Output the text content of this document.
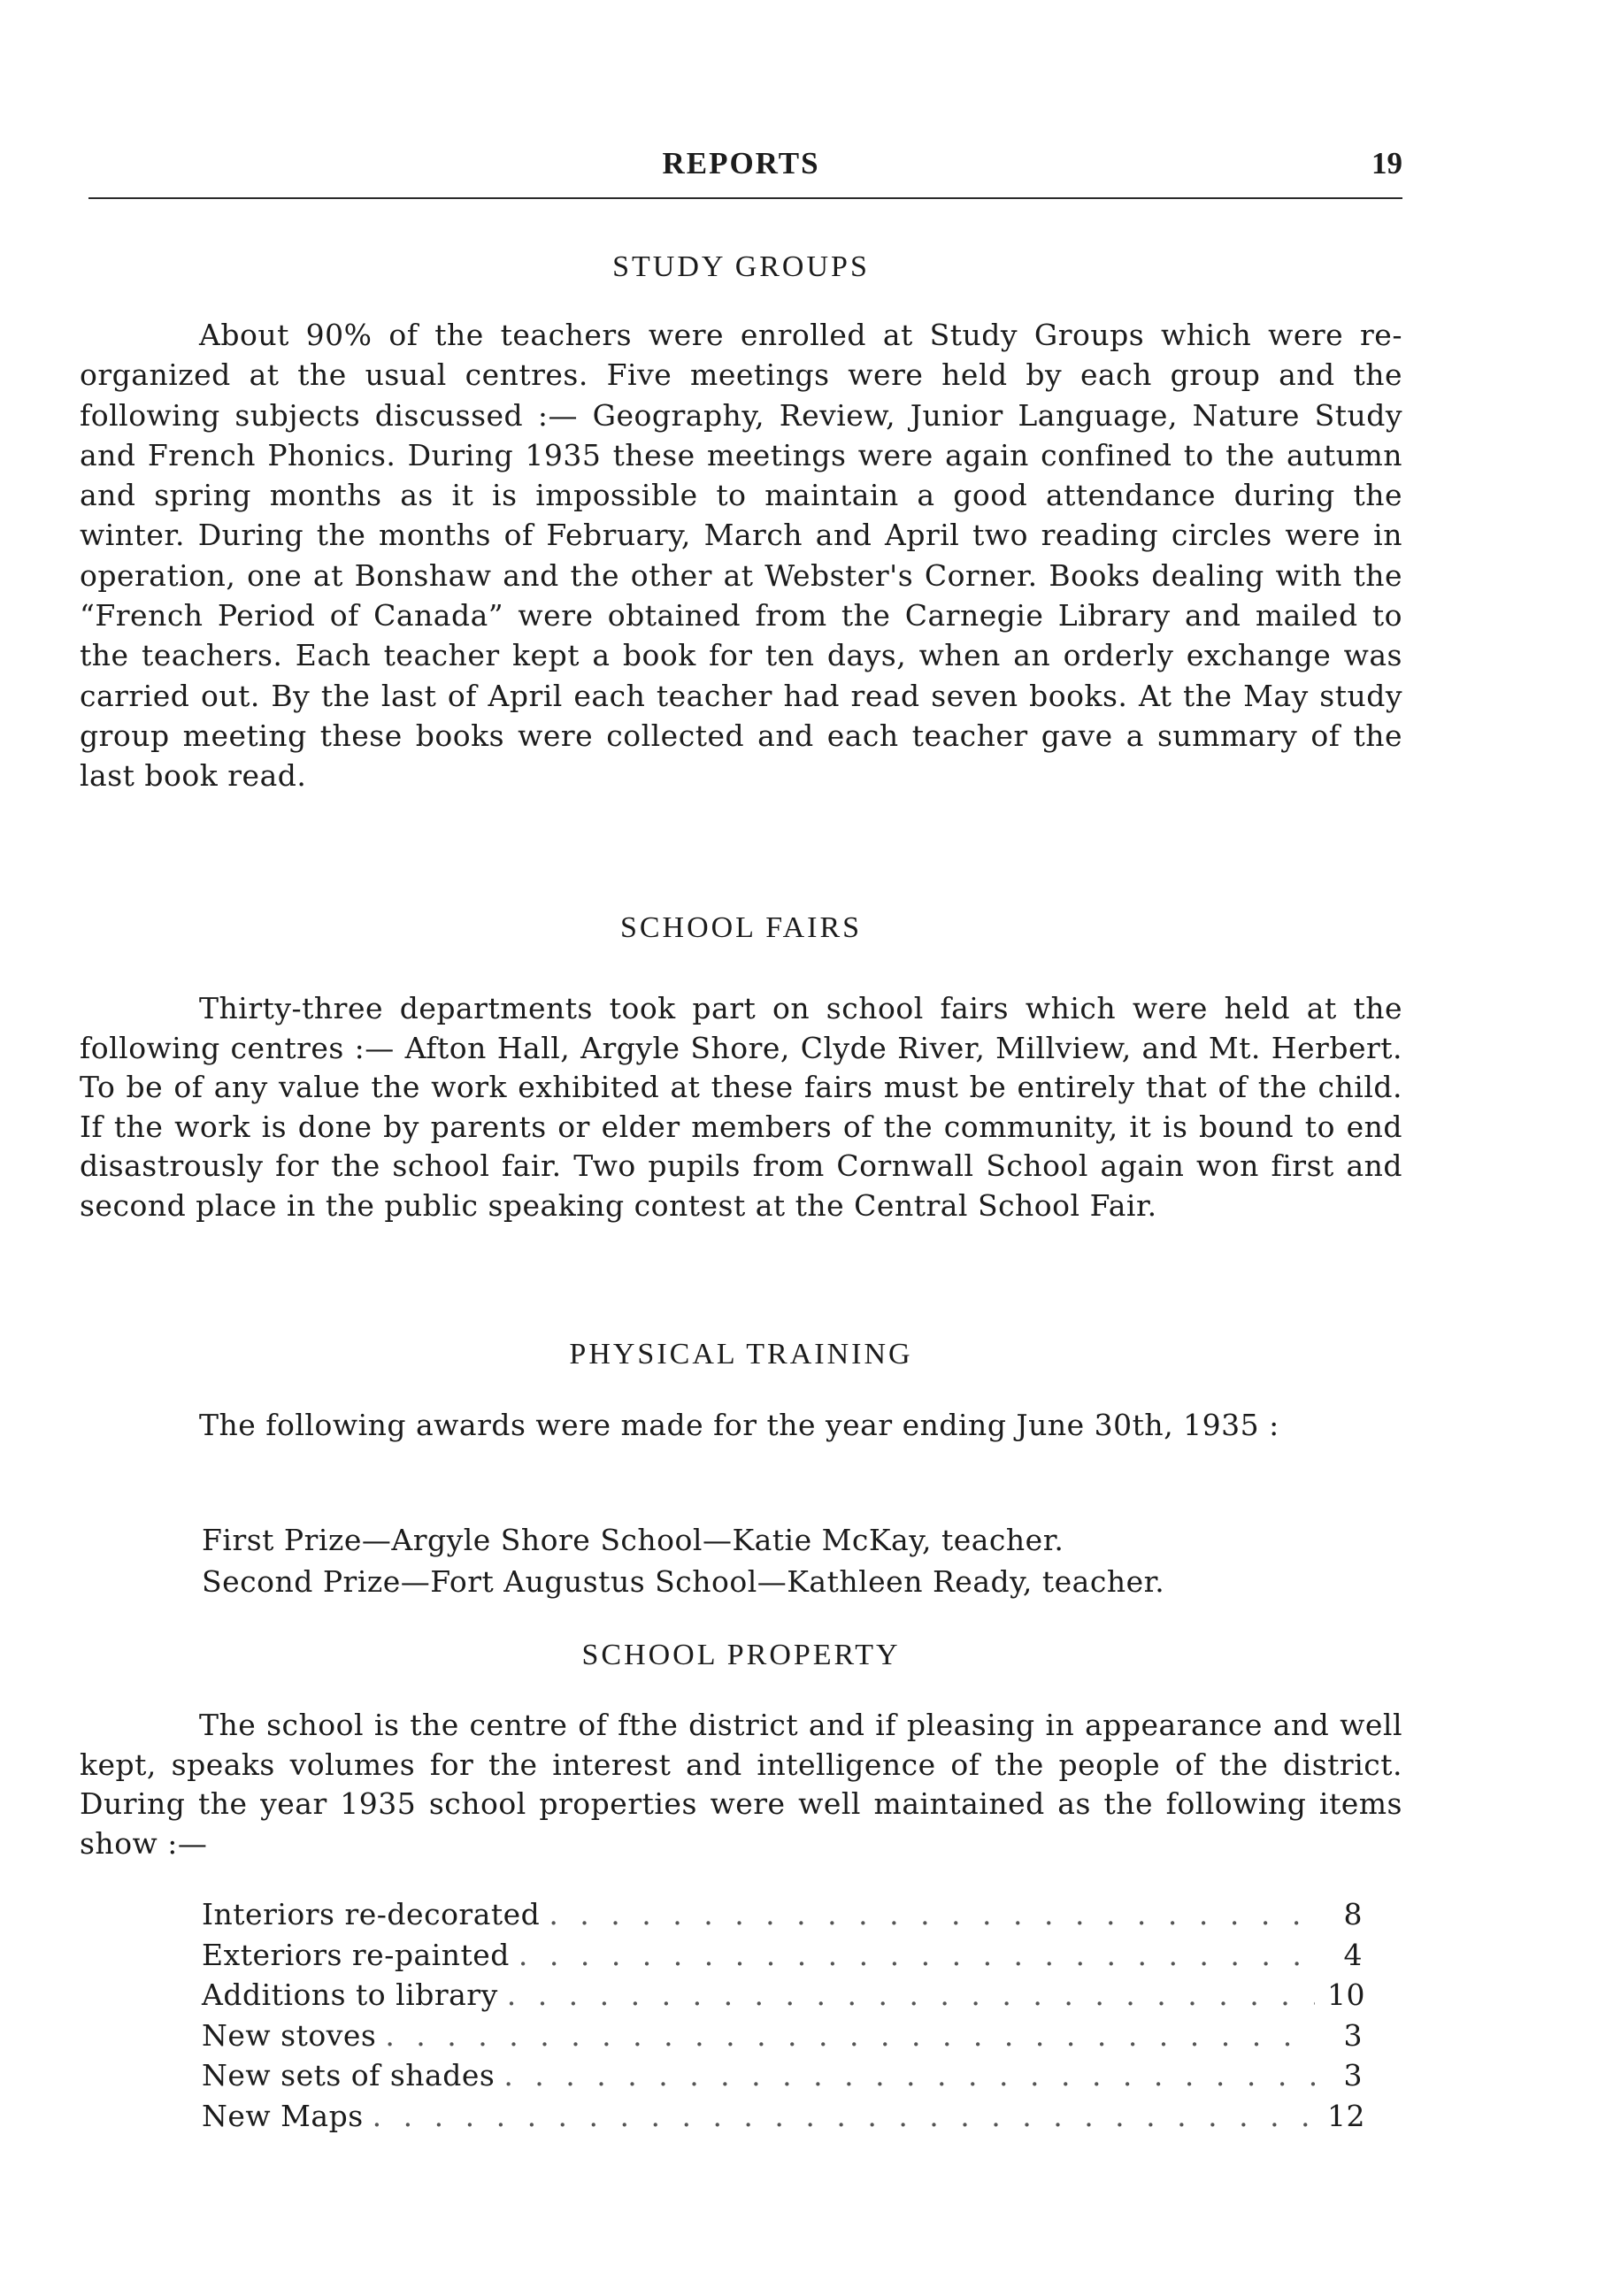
REPORTS	19
STUDY GROUPS

About 90% of the teachers were enrolled at Study Groups which were re-organized at the usual centres. Five meetings were held by each group and the following subjects discussed :— Geography, Review, Junior Language, Nature Study and French Phonics. During 1935 these meetings were again confined to the autumn and spring months as it is impossible to maintain a good attendance during the winter. During the months of February, March and April two reading circles were in operation, one at Bonshaw and the other at Webster's Corner. Books dealing with the “French Period of Canada” were obtained from the Carnegie Library and mailed to the teachers. Each teacher kept a book for ten days, when an orderly exchange was carried out. By the last of April each teacher had read seven books. At the May study group meeting these books were collected and each teacher gave a summary of the last book read.

SCHOOL FAIRS

Thirty-three departments took part on school fairs which were held at the following centres :— Afton Hall, Argyle Shore, Clyde River, Millview, and Mt. Herbert. To be of any value the work exhibited at these fairs must be entirely that of the child. If the work is done by parents or elder members of the community, it is bound to end disastrously for the school fair. Two pupils from Cornwall School again won first and second place in the public speaking contest at the Central School Fair.

PHYSICAL TRAINING

The following awards were made for the year ending June 30th, 1935 :

First Prize—Argyle Shore School—Katie McKay, teacher.
Second Prize—Fort Augustus School—Kathleen Ready, teacher.
SCHOOL PROPERTY

The school is the centre of fthe district and if pleasing in appearance and well kept, speaks volumes for the interest and intelligence of the people of the district. During the year 1935 school properties were well maintained as the following items show :—

Interiors re-decorated . . .	8
Exteriors re-painted . . .	4
Additions to library . . .	10
New stoves . . .	3
New sets of shades . . .	3
New Maps . . .	12
